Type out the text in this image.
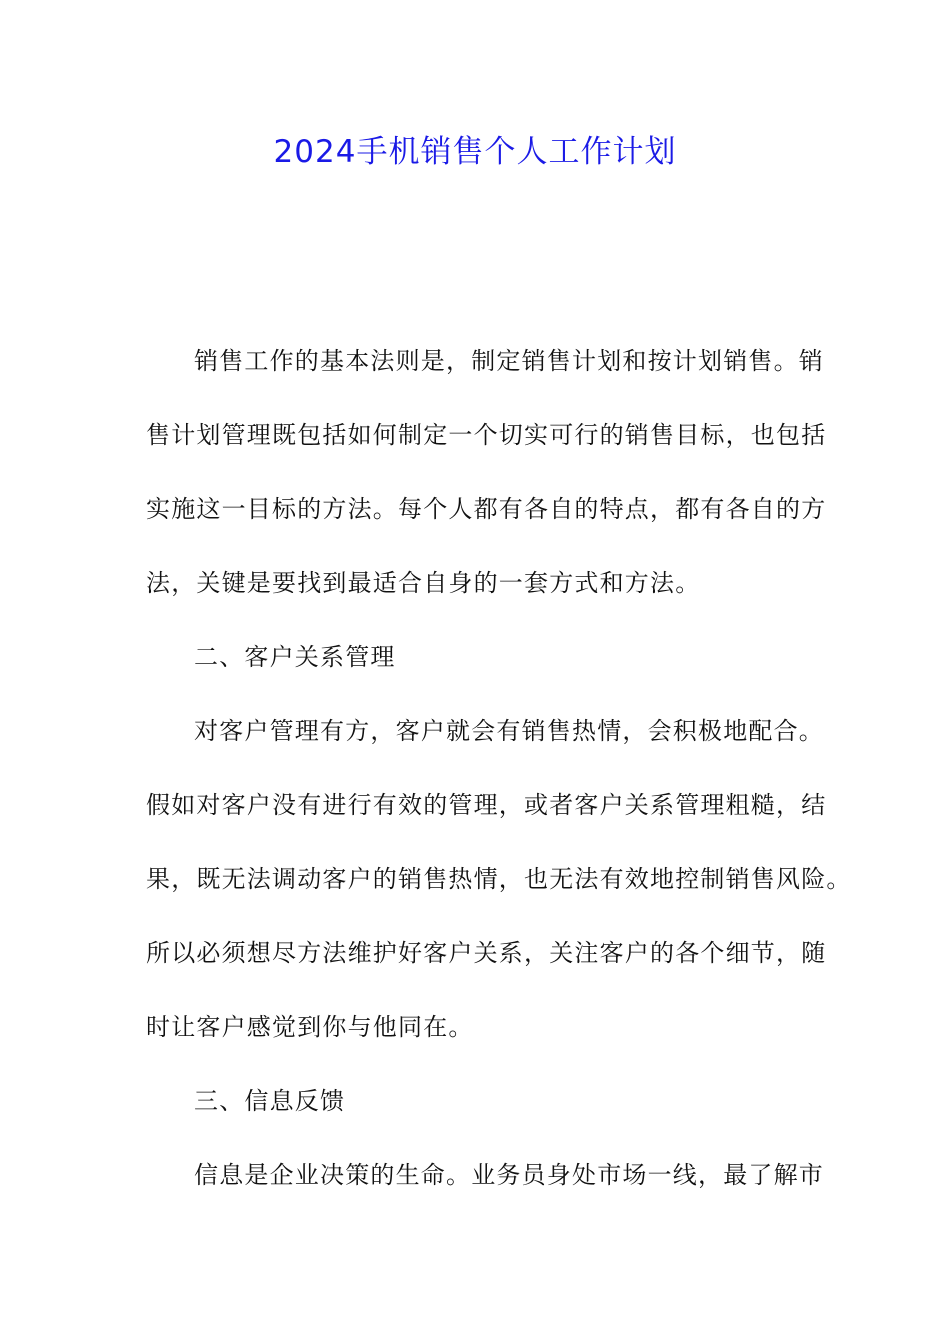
2024手机销售个人工作计划
销售工作的基本法则是，制定销售计划和按计划销售。销
售计划管理既包括如何制定一个切实可行的销售目标，也包括
实施这一目标的方法。每个人都有各自的特点，都有各自的方
法，关键是要找到最适合自身的一套方式和方法。
二、客户关系管理
对客户管理有方，客户就会有销售热情，会积极地配合。
假如对客户没有进行有效的管理，或者客户关系管理粗糙，结
果，既无法调动客户的销售热情，也无法有效地控制销售风险。
所以必须想尽方法维护好客户关系，关注客户的各个细节，随
时让客户感觉到你与他同在。
三、信息反馈
信息是企业决策的生命。业务员身处市场一线，最了解市
